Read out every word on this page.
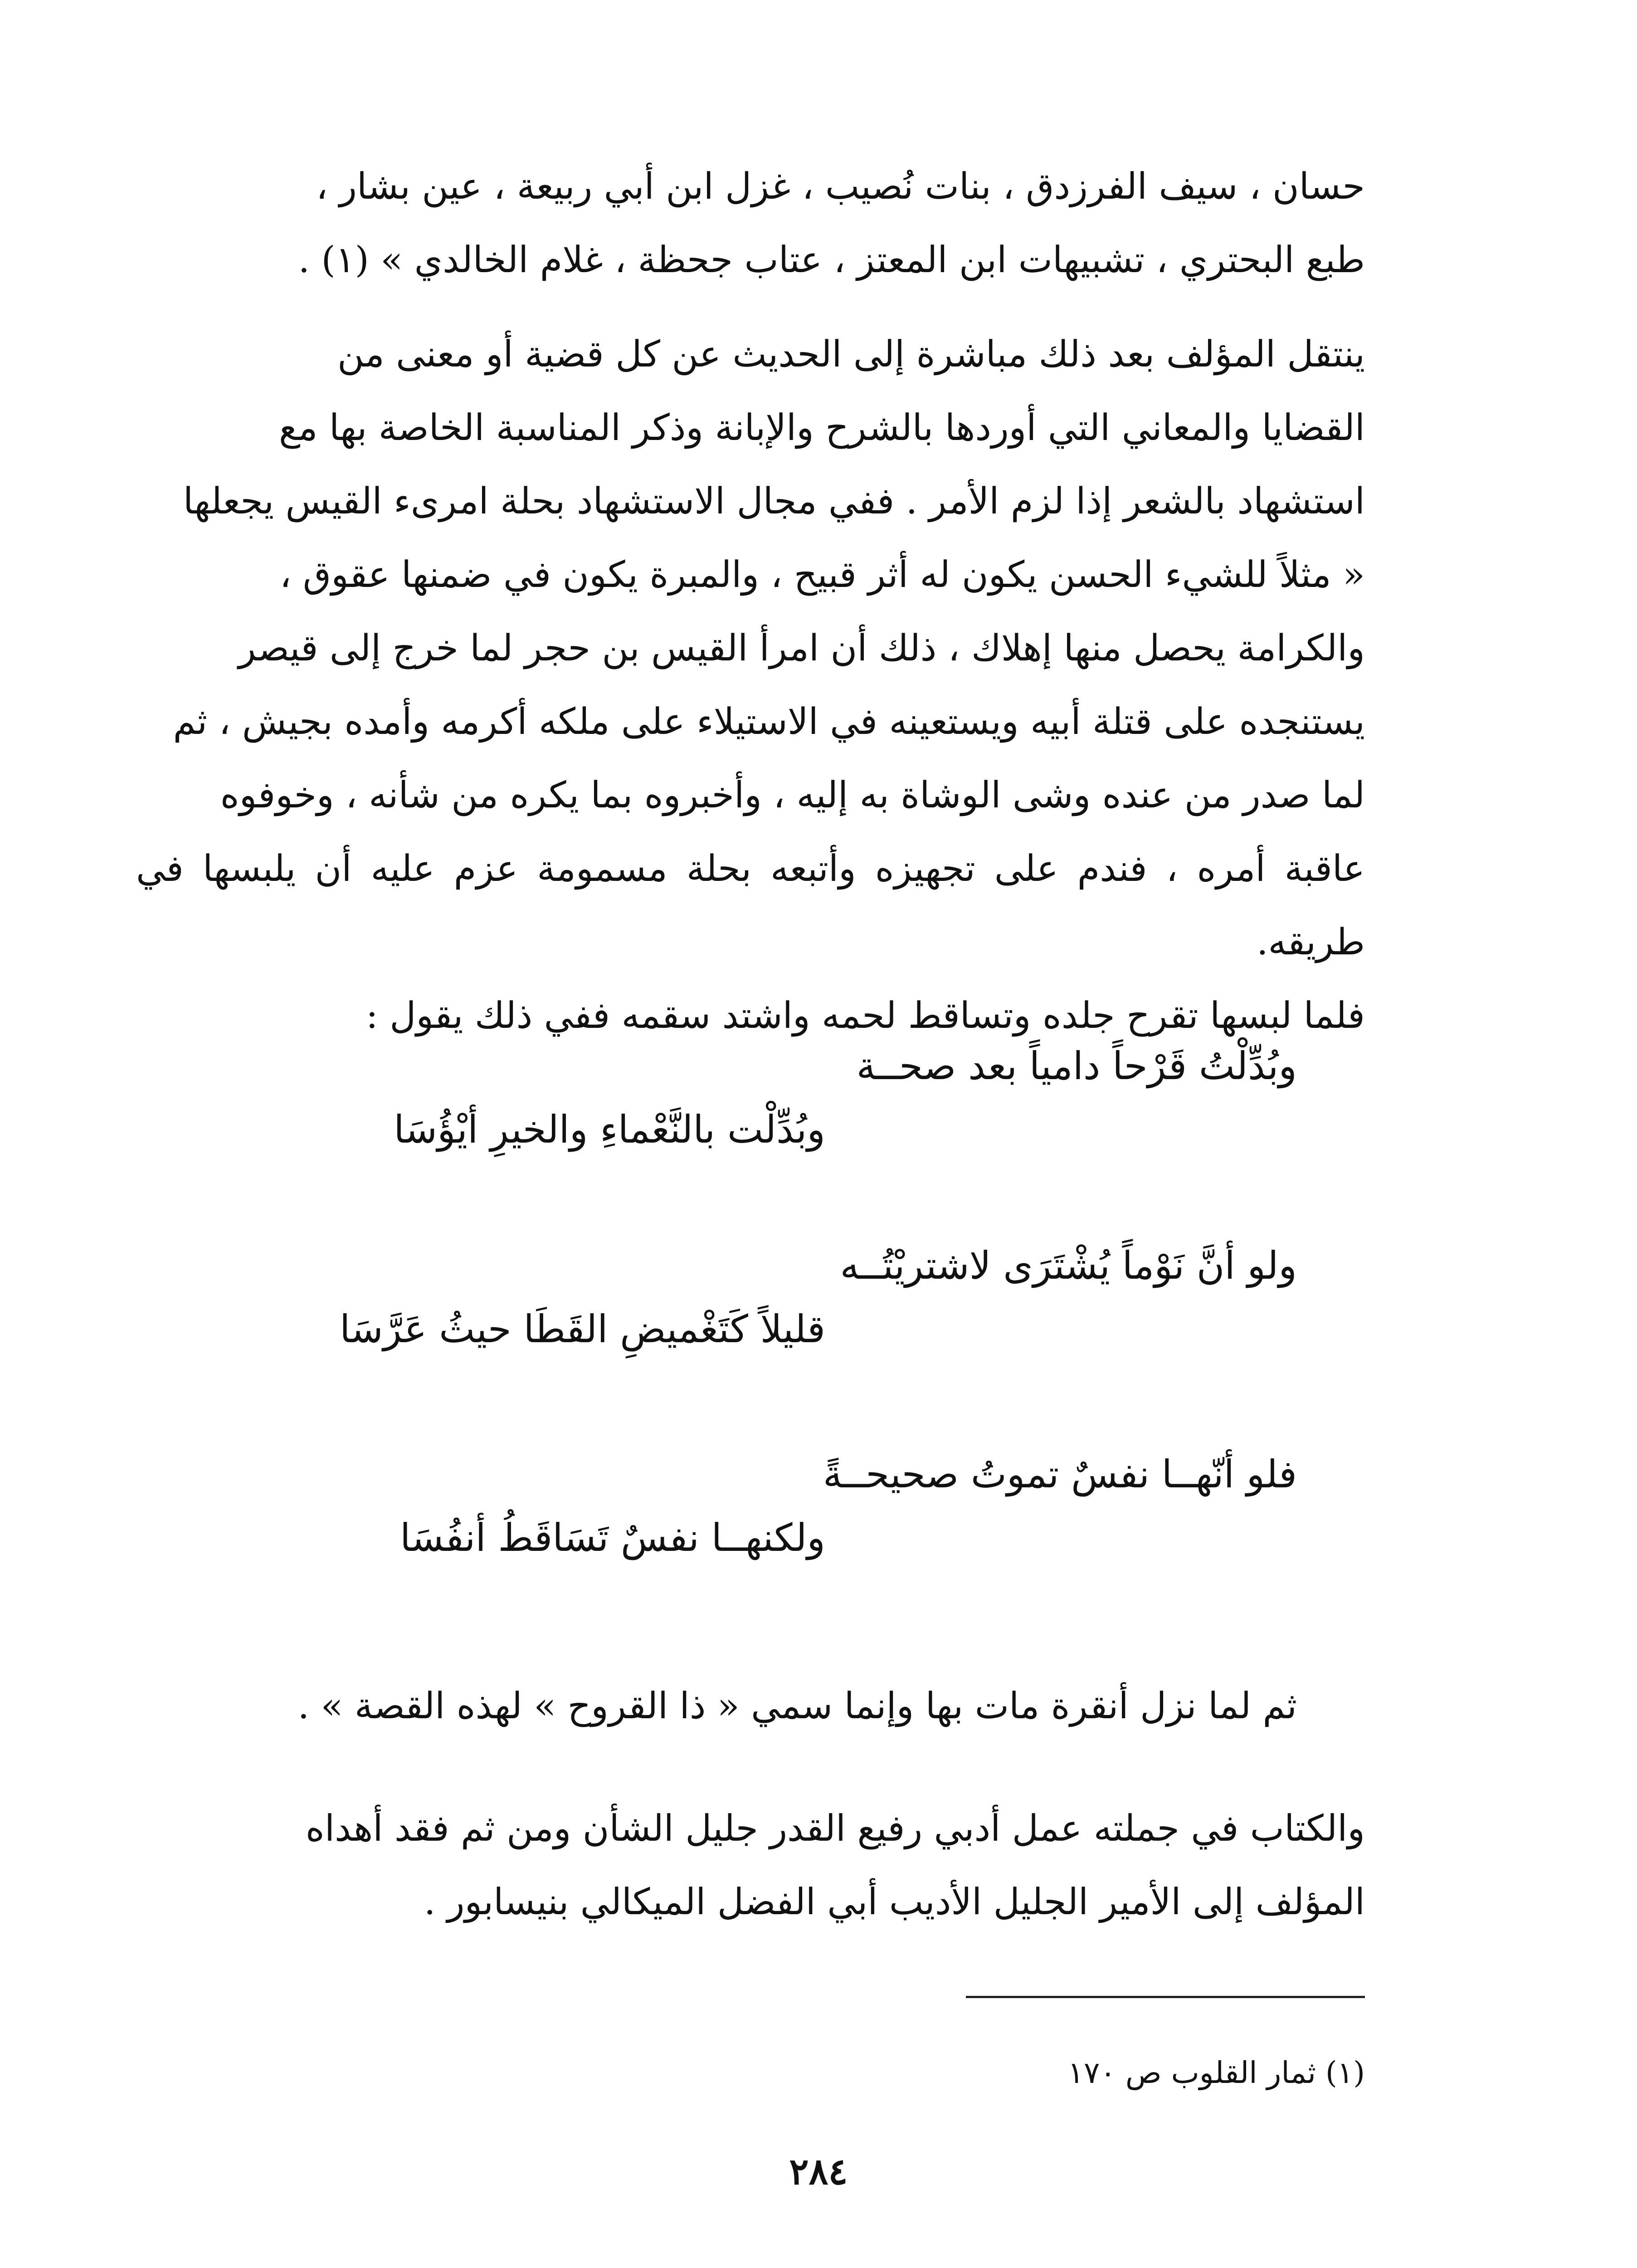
حسان ، سيف الفرزدق ، بنات نُصيب ، غزل ابن أبي ربيعة ، عين بشار ،

طبع البحتري ، تشبيهات ابن المعتز ، عتاب جحظة ، غلام الخالدي » (١) .

ينتقل المؤلف بعد ذلك مباشرة إلى الحديث عن كل قضية أو معنى من

القضايا والمعاني التي أوردها بالشرح والإبانة وذكر المناسبة الخاصة بها مع

استشهاد بالشعر إذا لزم الأمر . ففي مجال الاستشهاد بحلة امرىء القيس يجعلها

« مثلاً للشيء الحسن يكون له أثر قبيح ، والمبرة يكون في ضمنها عقوق ،

والكرامة يحصل منها إهلاك ، ذلك أن امرأ القيس بن حجر لما خرج إلى قيصر

يستنجده على قتلة أبيه ويستعينه في الاستيلاء على ملكه أكرمه وأمده بجيش ، ثم

لما صدر من عنده وشى الوشاة به إليه ، وأخبروه بما يكره من شأنه ، وخوفوه

عاقبة أمره ، فندم على تجهيزه وأتبعه بحلة مسمومة عزم عليه أن يلبسها في طريقه.

فلما لبسها تقرح جلده وتساقط لحمه واشتد سقمه ففي ذلك يقول :

وبُدِّلْتُ قَرْحاً دامياً بعد صحــة
وبُدِّلْت بالنَّعْماءِ والخيرِ أيْؤُسَا
ولو أنَّ نَوْماً يُشْتَرَى لاشتريْتُــه
قليلاً كَتَغْميضِ القَطَا حيثُ عَرَّسَا
فلو أنّهــا نفسٌ تموتُ صحيحــةً
ولكنهــا نفسٌ تَسَاقَطُ أنفُسَا

ثم لما نزل أنقرة مات بها وإنما سمي « ذا القروح » لهذه القصة » .

والكتاب في جملته عمل أدبي رفيع القدر جليل الشأن ومن ثم فقد أهداه

المؤلف إلى الأمير الجليل الأديب أبي الفضل الميكالي بنيسابور .

(١) ثمار القلوب ص ١٧٠
٢٨٤
